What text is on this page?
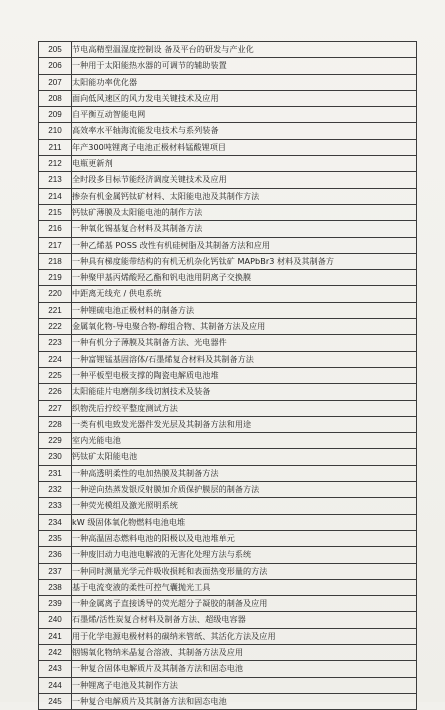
205	节电高精型温湿度控制设 备及平台的研发与产业化
206	一种用于太阳能热水器的可调节的辅助装置
207	太阳能功率优化器
208	面向低风速区的风力发电关键技术及应用
209	自平衡互动智能电网
210	高效率水平轴海流能发电技术与系列装备
211	年产300吨锂离子电池正极材料锰酸锂项目
212	电瓶更新剂
213	全时段多目标节能经济调度关键技术及应用
214	掺杂有机金属钙钛矿材料、太阳能电池及其制作方法
215	钙钛矿薄膜及太阳能电池的制作方法
216	一种氧化锡基复合材料及其制备方法
217	一种乙烯基 POSS 改性有机硅树脂及其制备方法和应用
218	一种具有梯度能带结构的有机无机杂化钙钛矿 MAPbBr3 材料及其制备方
219	一种聚甲基丙烯酸羟乙酯和钒电池用阴离子交换膜
220	中距离无线充 / 供电系统
221	一种锂硫电池正极材料的制备方法
222	金属氧化物-导电聚合物-醇组合物、其制备方法及应用
223	一种有机分子薄膜及其制备方法、光电器件
224	一种富锂锰基固溶体/石墨烯复合材料及其制备方法
225	一种平板型电极支撑的陶瓷电解质电池堆
226	太阳能硅片电磨削多线切割技术及装备
227	织物洗后拧绞平整度测试方法
228	一类有机电致发光器件发光层及其制备方法和用途
229	室内光能电池
230	钙钛矿太阳能电池
231	一种高透明柔性的电加热膜及其制备方法
232	一种逆向热蒸发银反射膜加介质保护膜层的制备方法
233	一种荧光模组及激光照明系统
234	kW 级固体氧化物燃料电池电堆
235	一种高温固态燃料电池的阳极以及电池堆单元
236	一种废旧动力电池电解液的无害化处理方法与系统
237	一种同时测量光学元件吸收损耗和表面热变形量的方法
238	基于电流变液的柔性可控气囊抛光工具
239	一种金属离子直接诱导的荧光超分子凝胶的制备及应用
240	石墨烯/活性炭复合材料及制备方法、超级电容器
241	用于化学电源电极材料的碳纳米管纸、其活化方法及应用
242	铟锡氧化物纳米晶复合溶液、其制备方法及应用
243	一种复合固体电解质片及其制备方法和固态电池
244	一种锂离子电池及其制作方法
245	一种复合电解质片及其制备方法和固态电池
